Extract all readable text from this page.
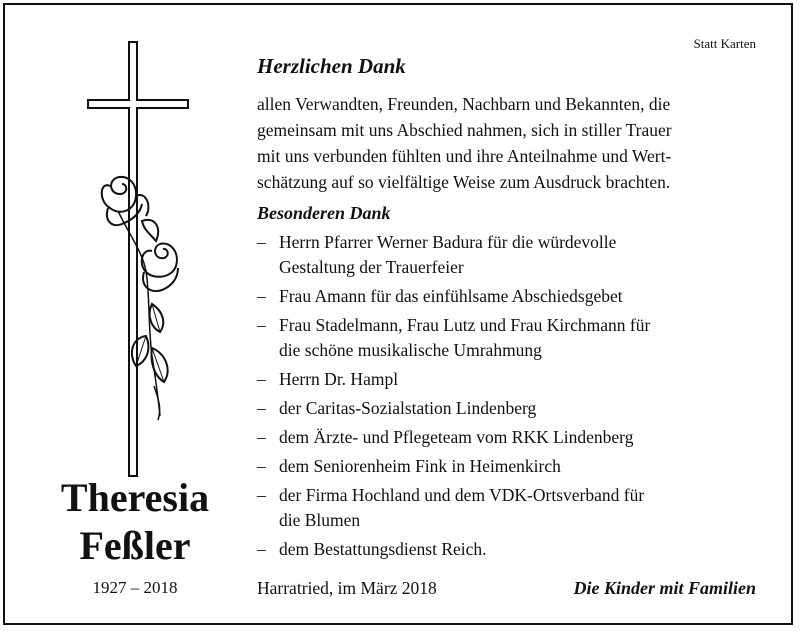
Statt Karten
Herzlichen Dank
allen Verwandten, Freunden, Nachbarn und Bekannten, die
gemeinsam mit uns Abschied nahmen, sich in stiller Trauer
mit uns verbunden fühlten und ihre Anteilnahme und Wert-
schätzung auf so vielfältige Weise zum Ausdruck brachten.
Besonderen Dank
– Herrn Pfarrer Werner Badura für die würdevolle
Gestaltung der Trauerfeier
– Frau Amann für das einfühlsame Abschiedsgebet
– Frau Stadelmann, Frau Lutz und Frau Kirchmann für
die schöne musikalische Umrahmung
– Herrn Dr. Hampl
– der Caritas-Sozialstation Lindenberg
– dem Ärzte- und Pflegeteam vom RKK Lindenberg
– dem Seniorenheim Fink in Heimenkirch
– der Firma Hochland und dem VDK-Ortsverband für
die Blumen
– dem Bestattungsdienst Reich.
Theresia
Feßler
1927 – 2018	Harratried, im März 2018	Die Kinder mit Familien
